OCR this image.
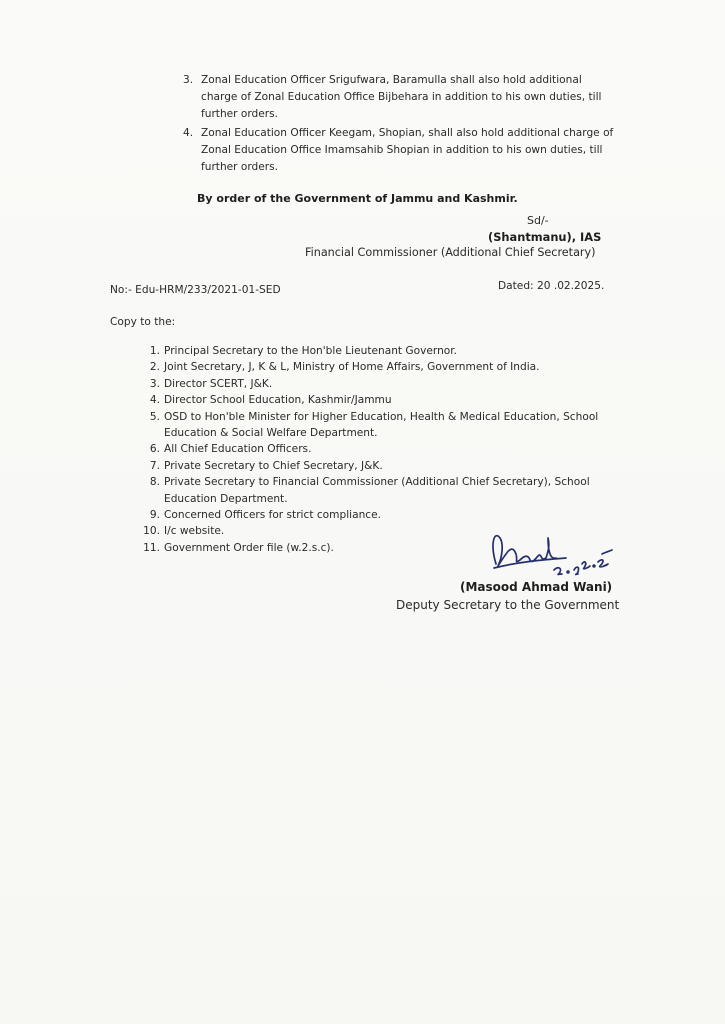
3. Zonal Education Officer Srigufwara, Baramulla shall also hold additional charge of Zonal Education Office Bijbehara in addition to his own duties, till further orders.
4. Zonal Education Officer Keegam, Shopian, shall also hold additional charge of Zonal Education Office Imamsahib Shopian in addition to his own duties, till further orders.
By order of the Government of Jammu and Kashmir.
Sd/-
(Shantmanu), IAS
Financial Commissioner (Additional Chief Secretary)
No:- Edu-HRM/233/2021-01-SED	Dated: 20 .02.2025.
Copy to the:
1. Principal Secretary to the Hon'ble Lieutenant Governor.
2. Joint Secretary, J, K & L, Ministry of Home Affairs, Government of India.
3. Director SCERT, J&K.
4. Director School Education, Kashmir/Jammu
5. OSD to Hon'ble Minister for Higher Education, Health & Medical Education, School Education & Social Welfare Department.
6. All Chief Education Officers.
7. Private Secretary to Chief Secretary, J&K.
8. Private Secretary to Financial Commissioner (Additional Chief Secretary), School Education Department.
9. Concerned Officers for strict compliance.
10. I/c website.
11. Government Order file (w.2.s.c).
(Masood Ahmad Wani)
Deputy Secretary to the Government
